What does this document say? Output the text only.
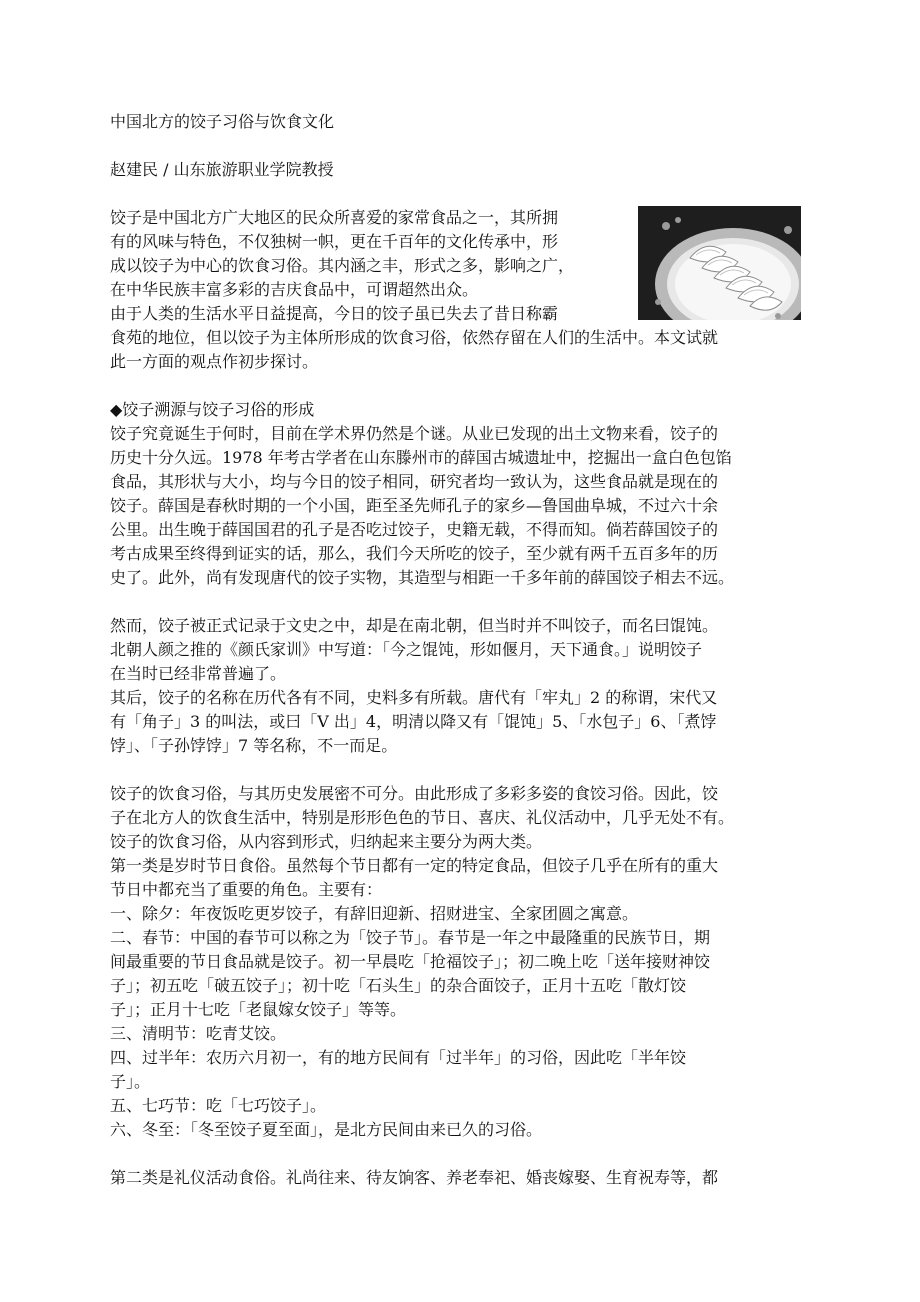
中国北方的饺子习俗与饮食文化
赵建民 / 山东旅游职业学院教授
饺子是中国北方广大地区的民众所喜爱的家常食品之一，其所拥
有的风味与特色，不仅独树一帜，更在千百年的文化传承中，形
成以饺子为中心的饮食习俗。其内涵之丰，形式之多，影响之广，
在中华民族丰富多彩的吉庆食品中，可谓超然出众。
由于人类的生活水平日益提高，今日的饺子虽已失去了昔日称霸
食苑的地位，但以饺子为主体所形成的饮食习俗，依然存留在人们的生活中。本文试就
此一方面的观点作初步探讨。
◆饺子溯源与饺子习俗的形成
饺子究竟诞生于何时，目前在学术界仍然是个谜。从业已发现的出土文物来看，饺子的
历史十分久远。1978 年考古学者在山东滕州市的薛国古城遗址中，挖掘出一盒白色包馅
食品，其形状与大小，均与今日的饺子相同，研究者均一致认为，这些食品就是现在的
饺子。薛国是春秋时期的一个小国，距至圣先师孔子的家乡—鲁国曲阜城，不过六十余
公里。出生晚于薛国国君的孔子是否吃过饺子，史籍无载，不得而知。倘若薛国饺子的
考古成果至终得到证实的话，那么，我们今天所吃的饺子，至少就有两千五百多年的历
史了。此外，尚有发现唐代的饺子实物，其造型与相距一千多年前的薛国饺子相去不远。
然而，饺子被正式记录于文史之中，却是在南北朝，但当时并不叫饺子，而名曰馄饨。
北朝人颜之推的《颜氏家训》中写道：「今之馄饨，形如偃月，天下通食。」说明饺子
在当时已经非常普遍了。
其后，饺子的名称在历代各有不同，史料多有所载。唐代有「牢丸」2 的称谓，宋代又
有「角子」3 的叫法，或曰「V 出」4，明清以降又有「馄饨」5、「水包子」6、「煮饽
饽」、「子孙饽饽」7 等名称，不一而足。
饺子的饮食习俗，与其历史发展密不可分。由此形成了多彩多姿的食饺习俗。因此，饺
子在北方人的饮食生活中，特别是形形色色的节日、喜庆、礼仪活动中，几乎无处不有。
饺子的饮食习俗，从内容到形式，归纳起来主要分为两大类。
第一类是岁时节日食俗。虽然每个节日都有一定的特定食品，但饺子几乎在所有的重大
节日中都充当了重要的角色。主要有：
一、除夕：年夜饭吃更岁饺子，有辞旧迎新、招财进宝、全家团圆之寓意。
二、春节：中国的春节可以称之为「饺子节」。春节是一年之中最隆重的民族节日，期
间最重要的节日食品就是饺子。初一早晨吃「抢福饺子」；初二晚上吃「送年接财神饺
子」；初五吃「破五饺子」；初十吃「石头生」的杂合面饺子，正月十五吃「散灯饺
子」；正月十七吃「老鼠嫁女饺子」等等。
三、清明节：吃青艾饺。
四、过半年：农历六月初一，有的地方民间有「过半年」的习俗，因此吃「半年饺
子」。
五、七巧节：吃「七巧饺子」。
六、冬至：「冬至饺子夏至面」，是北方民间由来已久的习俗。
第二类是礼仪活动食俗。礼尚往来、待友饷客、养老奉祀、婚丧嫁娶、生育祝寿等，都
